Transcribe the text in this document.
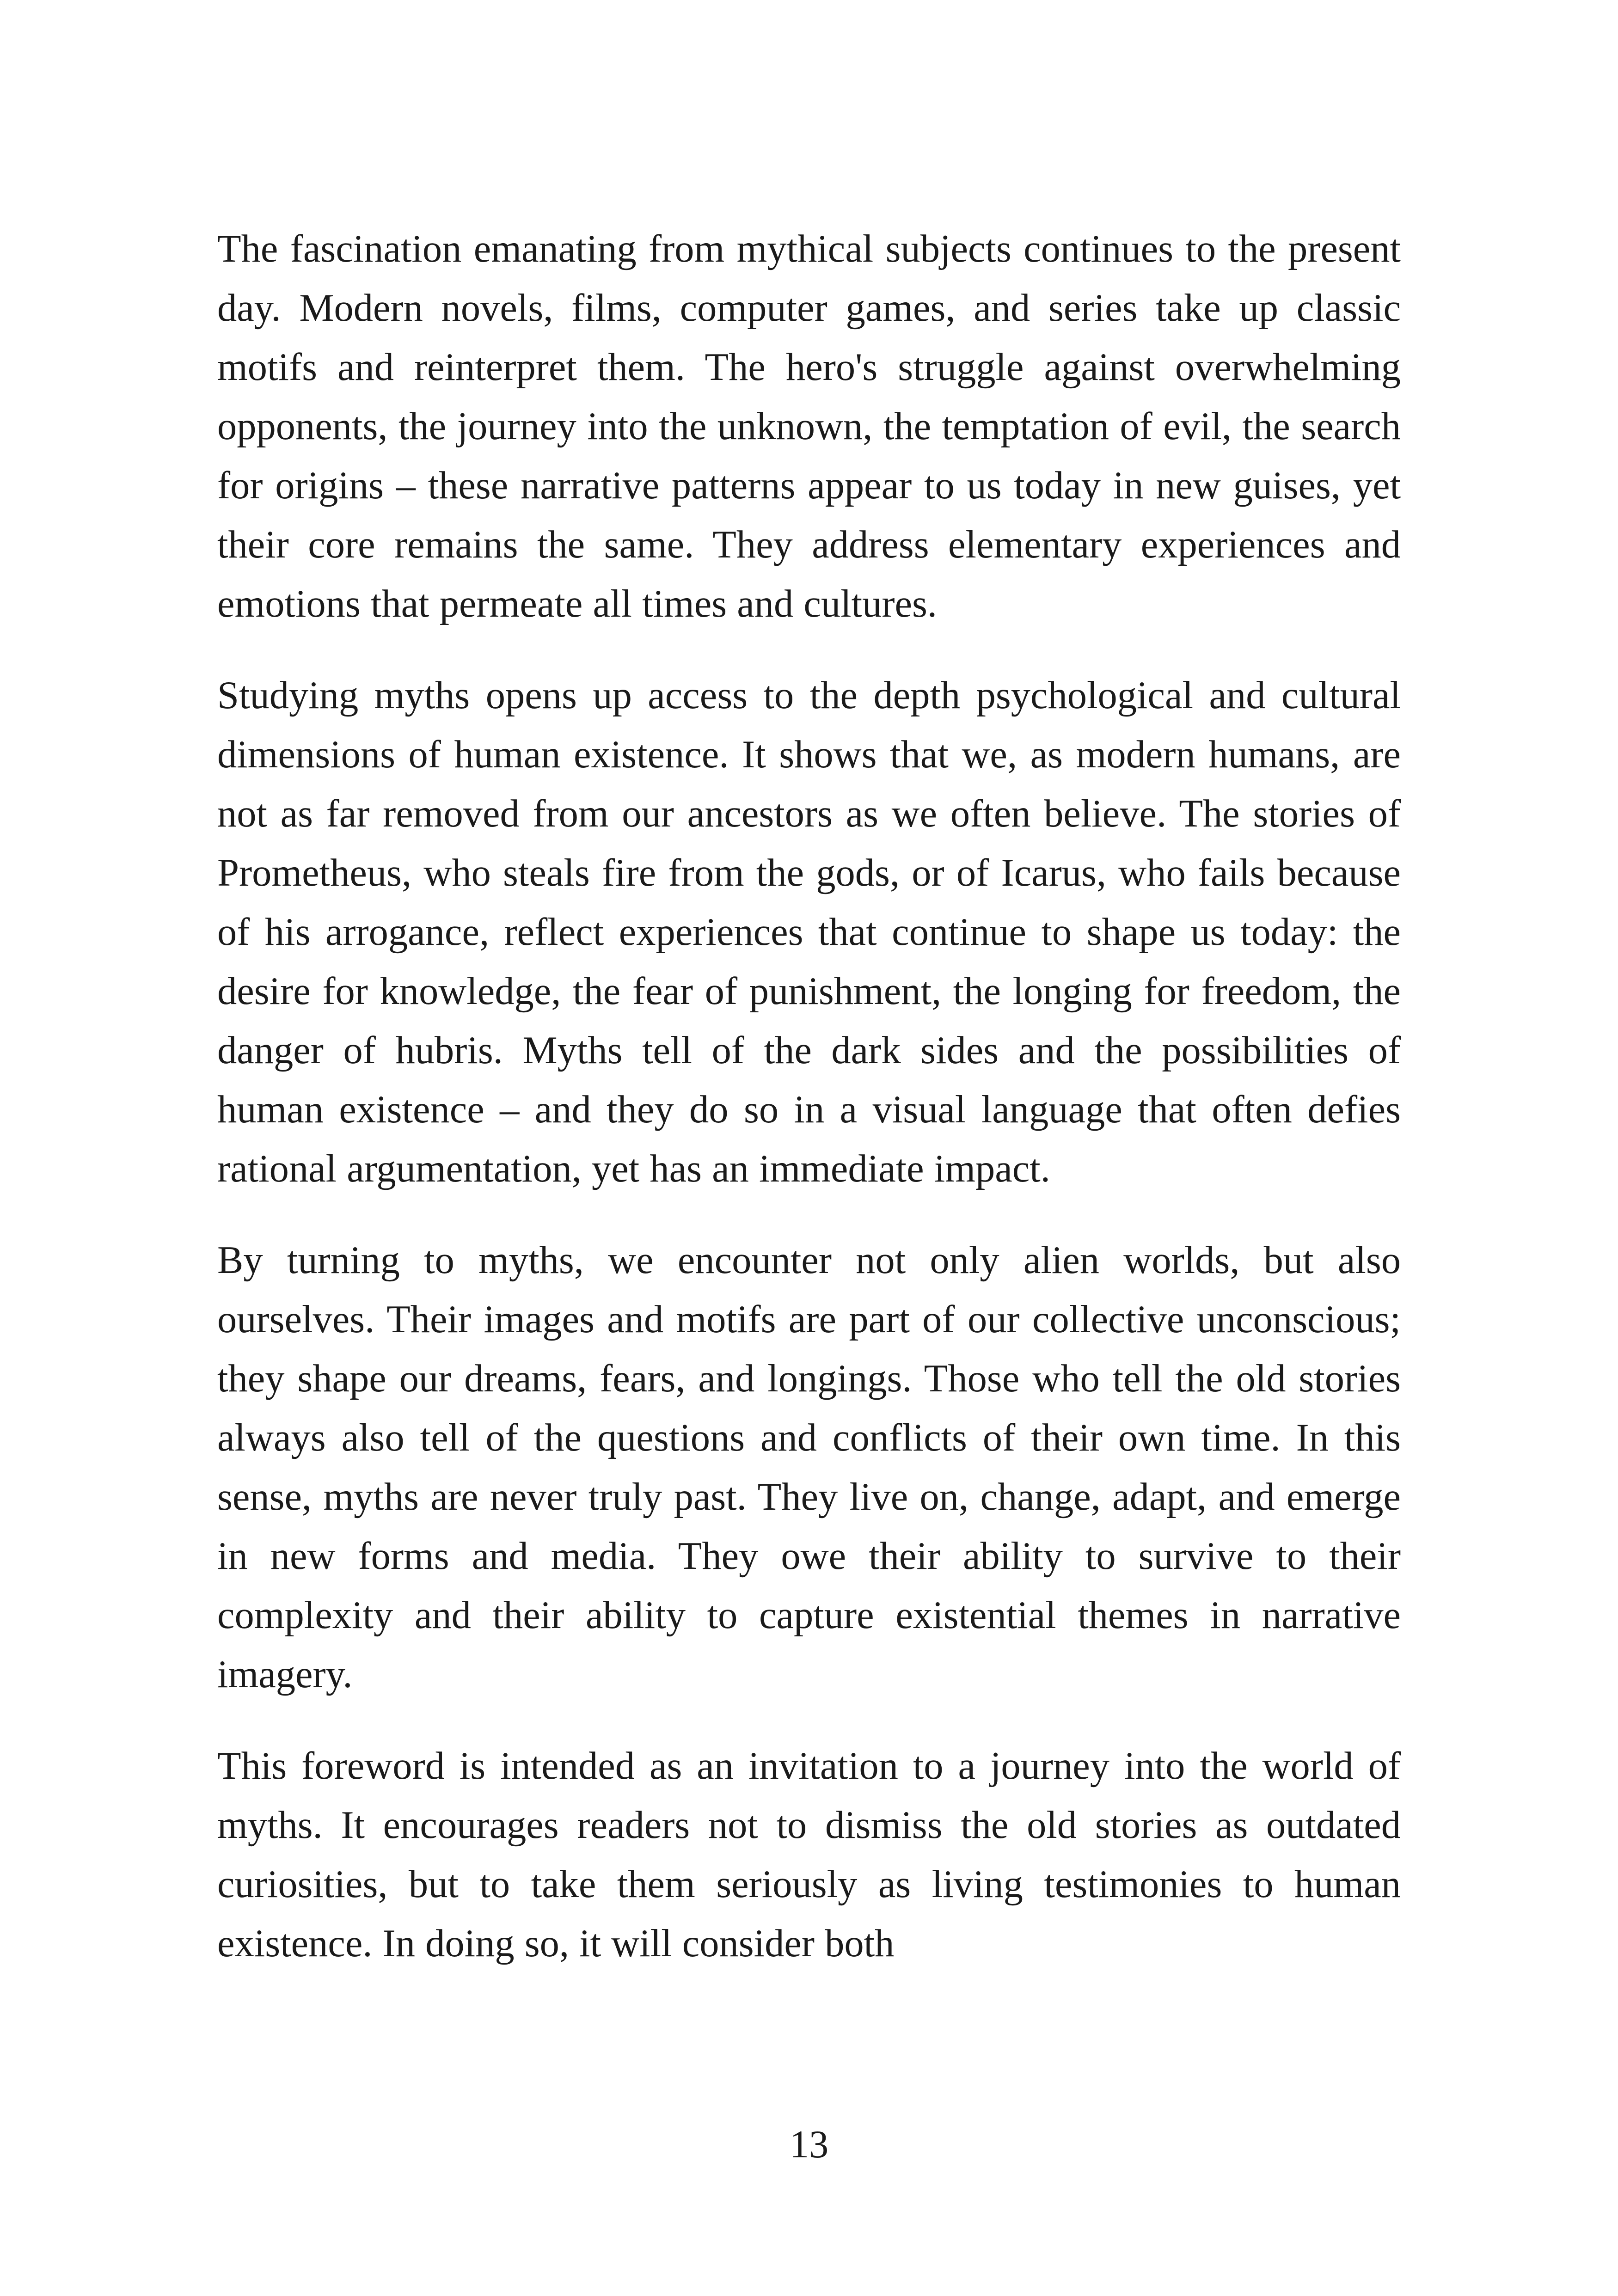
The fascination emanating from mythical subjects continues to the present day. Modern novels, films, computer games, and series take up classic motifs and reinterpret them. The hero's struggle against overwhelming opponents, the journey into the unknown, the temptation of evil, the search for origins – these narrative patterns appear to us today in new guises, yet their core remains the same. They address elementary experiences and emotions that permeate all times and cultures.

Studying myths opens up access to the depth psychological and cultural dimensions of human existence. It shows that we, as modern humans, are not as far removed from our ancestors as we often believe. The stories of Prometheus, who steals fire from the gods, or of Icarus, who fails because of his arrogance, reflect experiences that continue to shape us today: the desire for knowledge, the fear of punishment, the longing for freedom, the danger of hubris. Myths tell of the dark sides and the possibilities of human existence – and they do so in a visual language that often defies rational argumentation, yet has an immediate impact.

By turning to myths, we encounter not only alien worlds, but also ourselves. Their images and motifs are part of our collective unconscious; they shape our dreams, fears, and longings. Those who tell the old stories always also tell of the questions and conflicts of their own time. In this sense, myths are never truly past. They live on, change, adapt, and emerge in new forms and media. They owe their ability to survive to their complexity and their ability to capture existential themes in narrative imagery.

This foreword is intended as an invitation to a journey into the world of myths. It encourages readers not to dismiss the old stories as outdated curiosities, but to take them seriously as living testimonies to human existence. In doing so, it will consider both

13
